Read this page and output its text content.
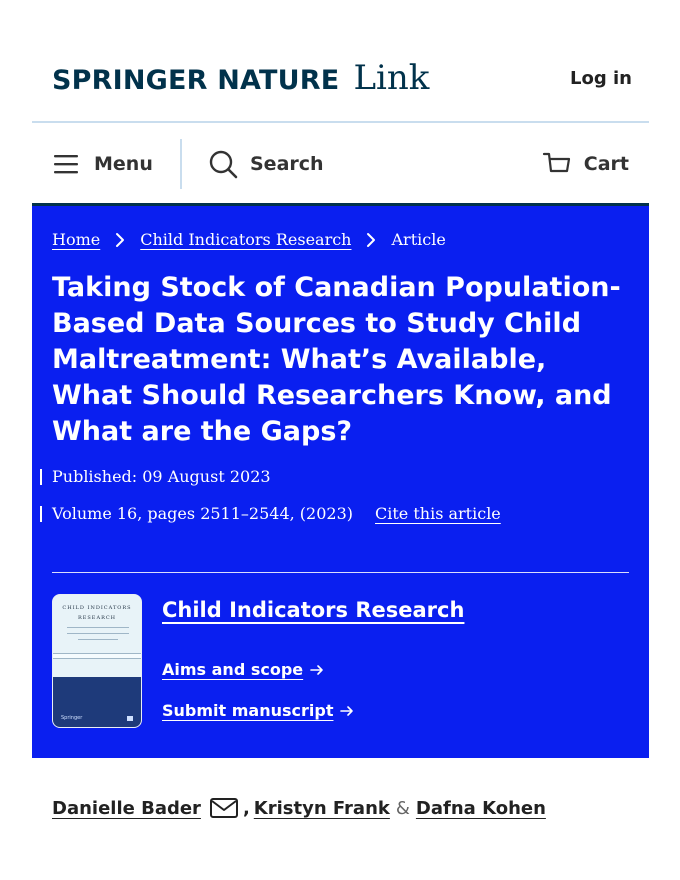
SPRINGER NATURE Link	Log in
Menu	Search	Cart
Home	Child Indicators Research	Article
Taking Stock of Canadian Population-Based Data Sources to Study Child Maltreatment: What’s Available, What Should Researchers Know, and What are the Gaps?
Published: 09 August 2023
Volume 16, pages 2511–2544, (2023) Cite this article
CHILD INDICATORS
RESEARCH
Springer
Child Indicators Research
Aims and scope
Submit manuscript
Danielle Bader , Kristyn Frank & Dafna Kohen
